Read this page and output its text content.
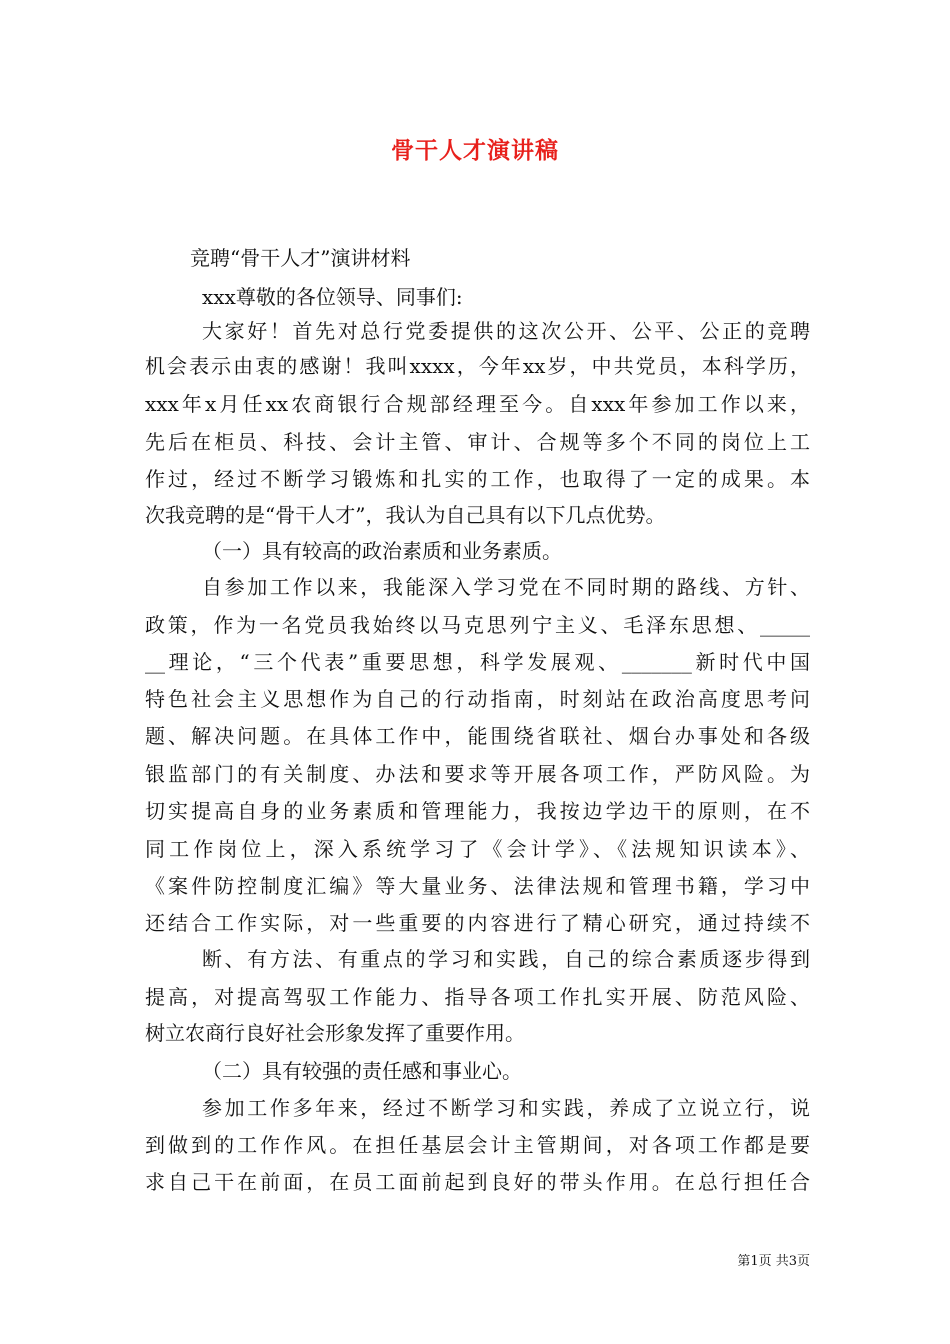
骨干人才演讲稿
竞聘“骨干人才”演讲材料
xxx尊敬的各位领导、同事们:
大家好！首先对总行党委提供的这次公开、公平、公正的竞聘
机会表示由衷的感谢！我叫xxxx，今年xx岁，中共党员，本科学历，
xxx年x月任xx农商银行合规部经理至今。自xxx年参加工作以来，
先后在柜员、科技、会计主管、审计、合规等多个不同的岗位上工
作过，经过不断学习锻炼和扎实的工作，也取得了一定的成果。本
次我竞聘的是“骨干人才”，我认为自己具有以下几点优势。
（一）具有较高的政治素质和业务素质。
自参加工作以来，我能深入学习党在不同时期的路线、方针、
政策，作为一名党员我始终以马克思列宁主义、毛泽东思想、_____
__理论，“三个代表”重要思想，科学发展观、_______新时代中国
特色社会主义思想作为自己的行动指南，时刻站在政治高度思考问
题、解决问题。在具体工作中，能围绕省联社、烟台办事处和各级
银监部门的有关制度、办法和要求等开展各项工作，严防风险。为
切实提高自身的业务素质和管理能力，我按边学边干的原则，在不
同工作岗位上，深入系统学习了《会计学》、《法规知识读本》、
《案件防控制度汇编》等大量业务、法律法规和管理书籍，学习中
还结合工作实际，对一些重要的内容进行了精心研究，通过持续不
断、有方法、有重点的学习和实践，自己的综合素质逐步得到
提高，对提高驾驭工作能力、指导各项工作扎实开展、防范风险、
树立农商行良好社会形象发挥了重要作用。
（二）具有较强的责任感和事业心。
参加工作多年来，经过不断学习和实践，养成了立说立行，说
到做到的工作作风。在担任基层会计主管期间，对各项工作都是要
求自己干在前面，在员工面前起到良好的带头作用。在总行担任合
第1页 共3页
